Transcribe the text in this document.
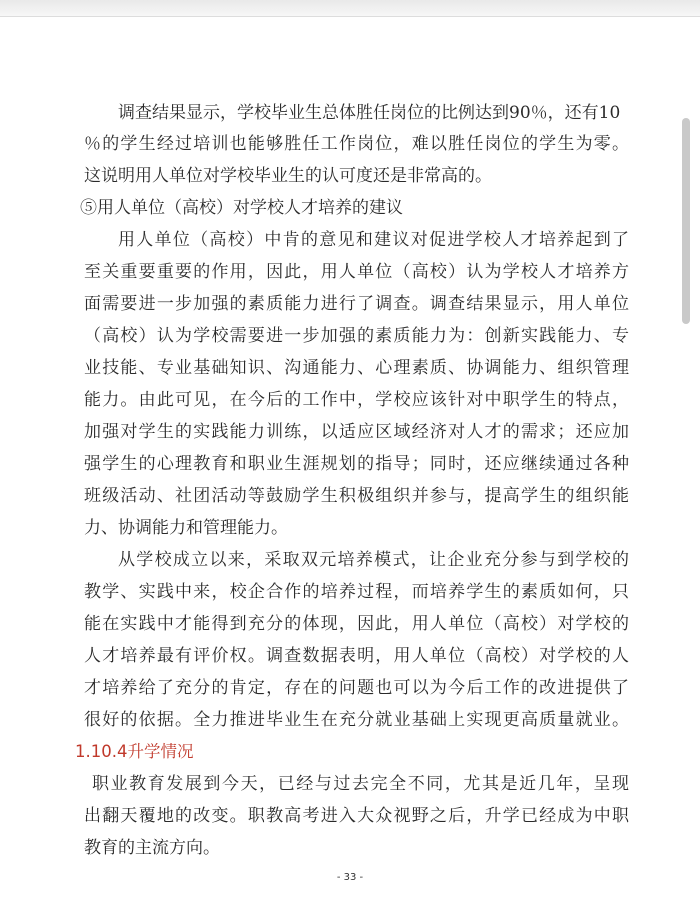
调查结果显示，学校毕业生总体胜任岗位的比例达到90％，还有10
％的学生经过培训也能够胜任工作岗位，难以胜任岗位的学生为零。
这说明用人单位对学校毕业生的认可度还是非常高的。
⑤用人单位（高校）对学校人才培养的建议
用人单位（高校）中肯的意见和建议对促进学校人才培养起到了
至关重要重要的作用，因此，用人单位（高校）认为学校人才培养方
面需要进一步加强的素质能力进行了调查。调查结果显示，用人单位
（高校）认为学校需要进一步加强的素质能力为：创新实践能力、专
业技能、专业基础知识、沟通能力、心理素质、协调能力、组织管理
能力。由此可见，在今后的工作中，学校应该针对中职学生的特点，
加强对学生的实践能力训练，以适应区域经济对人才的需求；还应加
强学生的心理教育和职业生涯规划的指导；同时，还应继续通过各种
班级活动、社团活动等鼓励学生积极组织并参与，提高学生的组织能
力、协调能力和管理能力。
从学校成立以来，采取双元培养模式，让企业充分参与到学校的
教学、实践中来，校企合作的培养过程，而培养学生的素质如何，只
能在实践中才能得到充分的体现，因此，用人单位（高校）对学校的
人才培养最有评价权。调查数据表明，用人单位（高校）对学校的人
才培养给了充分的肯定，存在的问题也可以为今后工作的改进提供了
很好的依据。全力推进毕业生在充分就业基础上实现更高质量就业。
1.10.4升学情况
职业教育发展到今天，已经与过去完全不同，尤其是近几年，呈现
出翻天覆地的改变。职教高考进入大众视野之后，升学已经成为中职
教育的主流方向。
- 33 -
